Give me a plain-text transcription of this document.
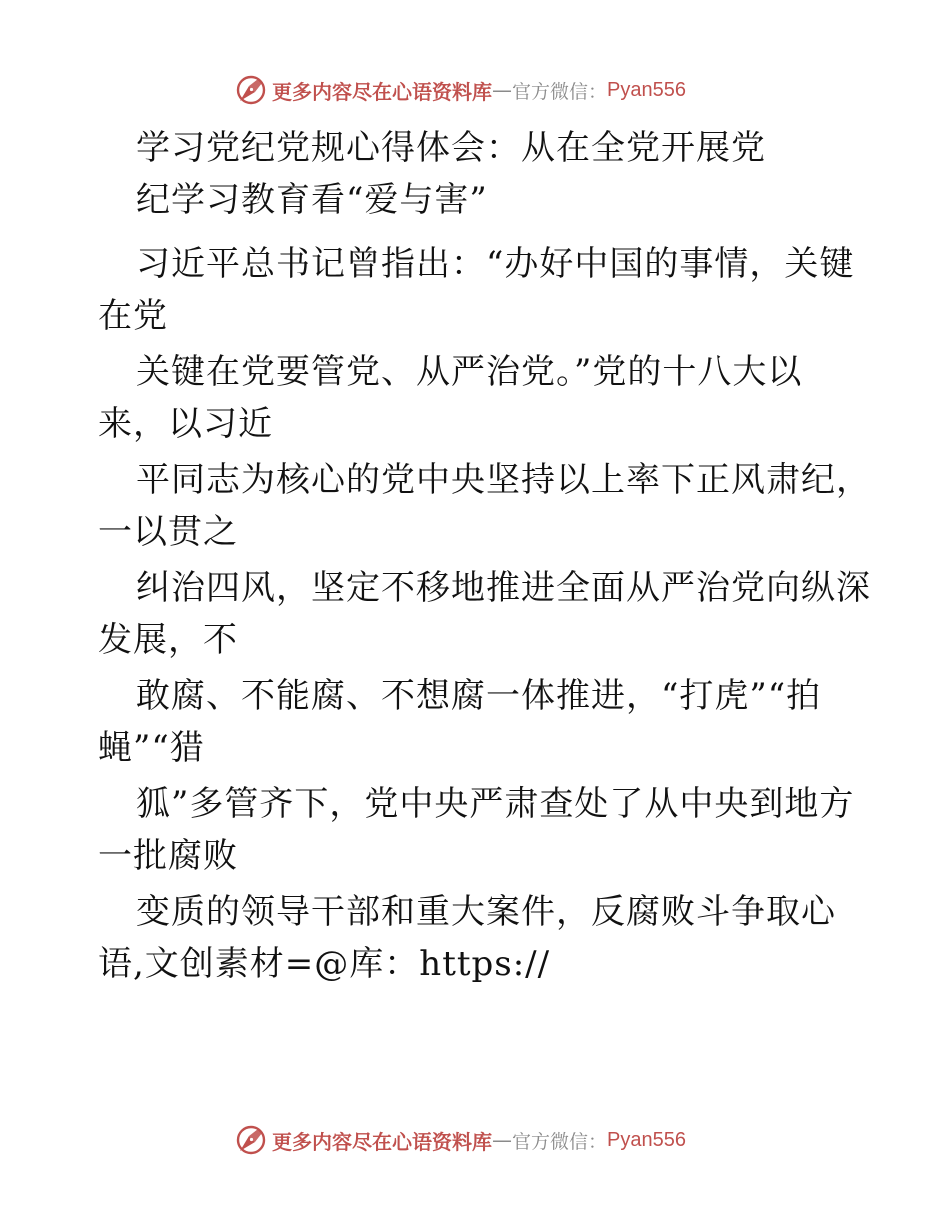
更多内容尽在心语资料库 — 官方微信： Pyan556
学习党纪党规心得体会：从在全党开展党
纪学习教育看“爱与害”
习近平总书记曾指出：“办好中国的事情，关键
在党
关键在党要管党、从严治党。”党的十八大以
来，以习近
平同志为核心的党中央坚持以上率下正风肃纪，
一以贯之
纠治四风，坚定不移地推进全面从严治党向纵深
发展，不
敢腐、不能腐、不想腐一体推进，“打虎”“拍
蝇”“猎
狐”多管齐下，党中央严肃查处了从中央到地方
一批腐败
变质的领导干部和重大案件，反腐败斗争取心
语,文创素材=@库：https://
更多内容尽在心语资料库 — 官方微信： Pyan556
